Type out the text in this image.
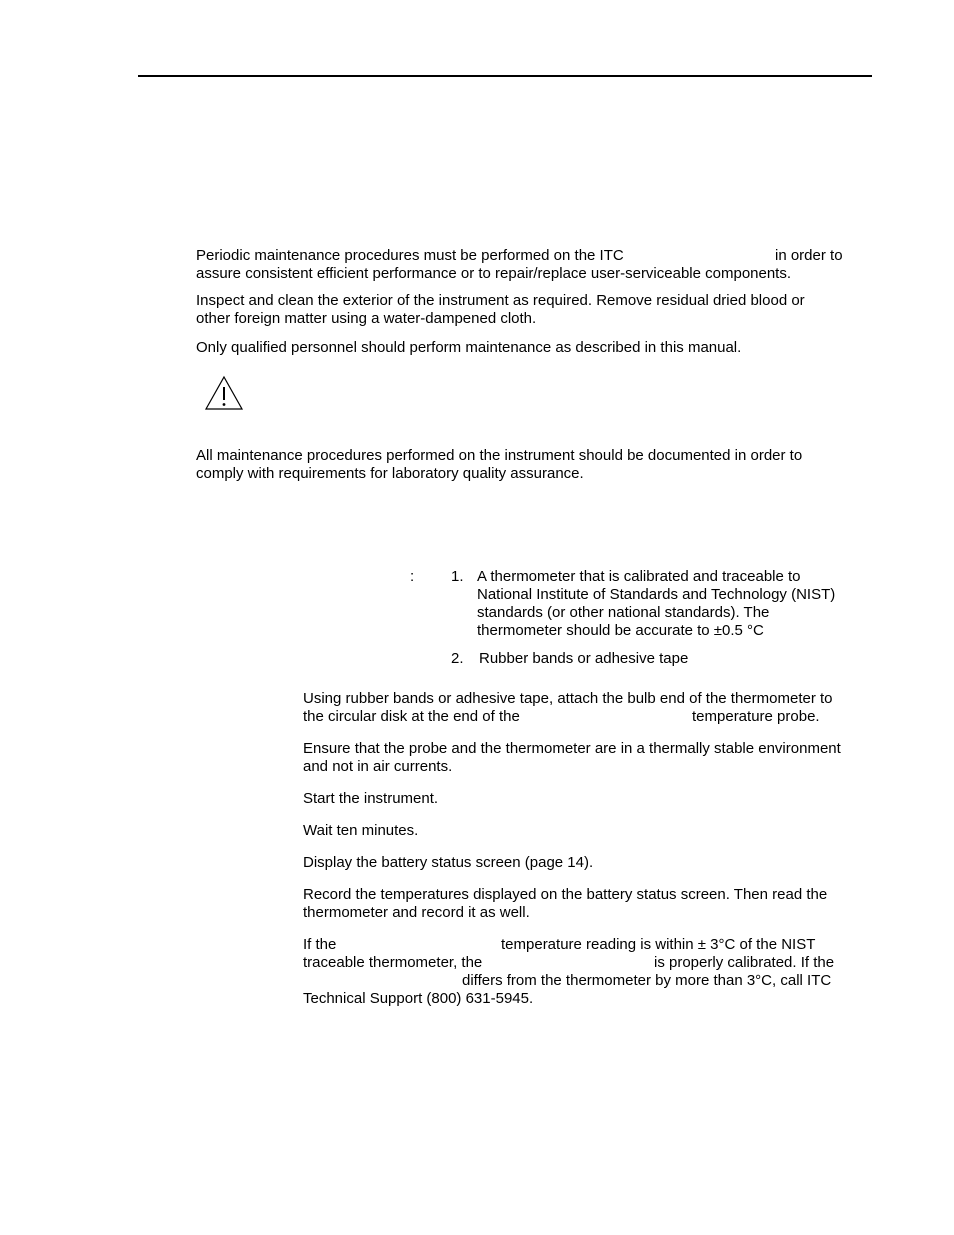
Periodic maintenance procedures must be performed on the ITC	in order to

assure consistent efficient performance or to repair/replace user-serviceable components.

Inspect and clean the exterior of the instrument as required. Remove residual dried blood or

other foreign matter using a water-dampened cloth.

Only qualified personnel should perform maintenance as described in this manual.

All maintenance procedures performed on the instrument should be documented in order to

comply with requirements for laboratory quality assurance.

: 1. A thermometer that is calibrated and traceable to

National Institute of Standards and Technology (NIST)

standards (or other national standards). The

thermometer should be accurate to ±0.5 °C

2. Rubber bands or adhesive tape

Using rubber bands or adhesive tape, attach the bulb end of the thermometer to

the circular disk at the end of the	temperature probe.

Ensure that the probe and the thermometer are in a thermally stable environment

and not in air currents.

Start the instrument.

Wait ten minutes.

Display the battery status screen (page 14).

Record the temperatures displayed on the battery status screen. Then read the

thermometer and record it as well.

If the	temperature reading is within ± 3°C of the NIST

traceable thermometer, the	is properly calibrated. If the

differs from the thermometer by more than 3°C, call ITC

Technical Support (800) 631-5945.
